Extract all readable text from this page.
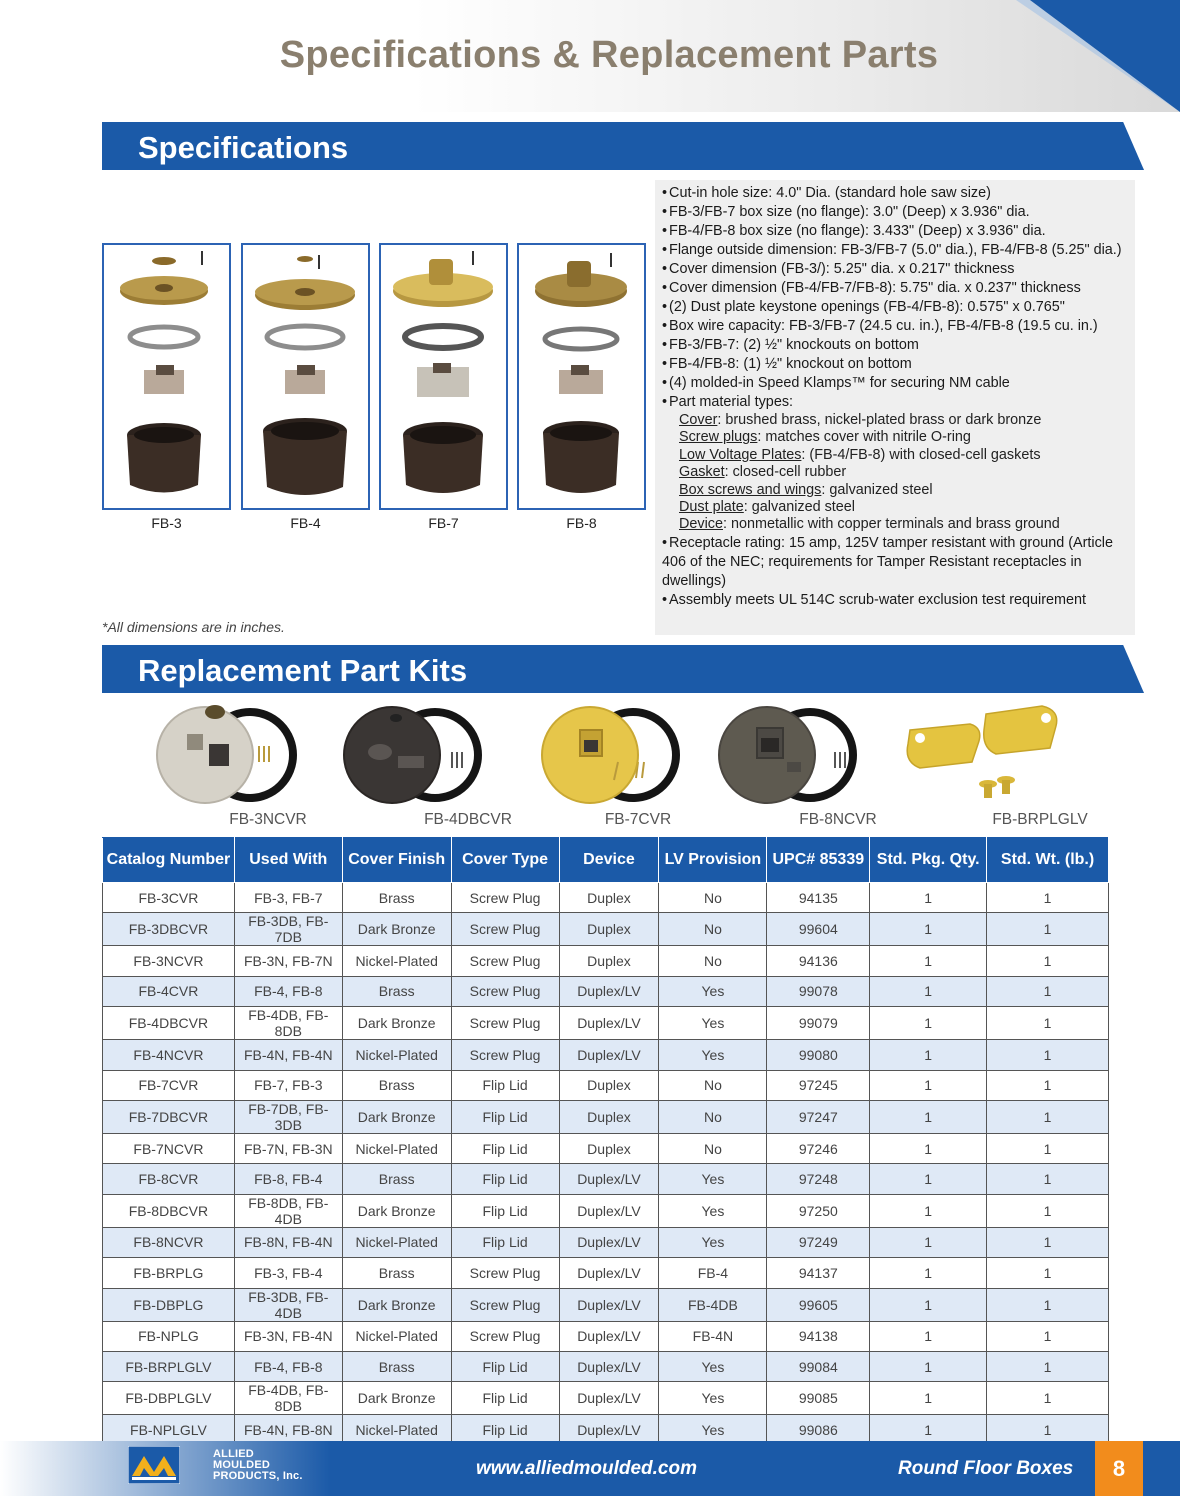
Specifications & Replacement Parts
Specifications
FB-3	FB-4	FB-7	FB-8
*All dimensions are in inches.
• Cut-in hole size: 4.0" Dia. (standard hole saw size)
• FB-3/FB-7 box size (no flange): 3.0" (Deep) x 3.936" dia.
• FB-4/FB-8 box size (no flange): 3.433" (Deep) x 3.936" dia.
• Flange outside dimension: FB-3/FB-7 (5.0" dia.), FB-4/FB-8 (5.25" dia.)
• Cover dimension (FB-3/): 5.25" dia. x 0.217" thickness
• Cover dimension (FB-4/FB-7/FB-8): 5.75" dia. x 0.237" thickness
• (2) Dust plate keystone openings (FB-4/FB-8): 0.575" x 0.765"
• Box wire capacity: FB-3/FB-7 (24.5 cu. in.), FB-4/FB-8 (19.5 cu. in.)
• FB-3/FB-7: (2) ½" knockouts on bottom
• FB-4/FB-8: (1) ½" knockout on bottom
• (4) molded-in Speed Klamps™ for securing NM cable
• Part material types:
Cover: brushed brass, nickel-plated brass or dark bronze
Screw plugs: matches cover with nitrile O-ring
Low Voltage Plates: (FB-4/FB-8) with closed-cell gaskets
Gasket: closed-cell rubber
Box screws and wings: galvanized steel
Dust plate: galvanized steel
Device: nonmetallic with copper terminals and brass ground
• Receptacle rating: 15 amp, 125V tamper resistant with ground (Article 406 of the NEC; requirements for Tamper Resistant receptacles in dwellings)
• Assembly meets UL 514C scrub-water exclusion test requirement
Replacement Part Kits
FB-3NCVR	FB-4DBCVR	FB-7CVR	FB-8NCVR	FB-BRPLGLV
Catalog Number	Used With	Cover Finish	Cover Type	Device	LV Provision	UPC# 85339	Std. Pkg. Qty.	Std. Wt. (lb.)
FB-3CVR	FB-3, FB-7	Brass	Screw Plug	Duplex	No	94135	1	1
FB-3DBCVR	FB-3DB, FB-7DB	Dark Bronze	Screw Plug	Duplex	No	99604	1	1
FB-3NCVR	FB-3N, FB-7N	Nickel-Plated	Screw Plug	Duplex	No	94136	1	1
FB-4CVR	FB-4, FB-8	Brass	Screw Plug	Duplex/LV	Yes	99078	1	1
FB-4DBCVR	FB-4DB, FB-8DB	Dark Bronze	Screw Plug	Duplex/LV	Yes	99079	1	1
FB-4NCVR	FB-4N, FB-4N	Nickel-Plated	Screw Plug	Duplex/LV	Yes	99080	1	1
FB-7CVR	FB-7, FB-3	Brass	Flip Lid	Duplex	No	97245	1	1
FB-7DBCVR	FB-7DB, FB-3DB	Dark Bronze	Flip Lid	Duplex	No	97247	1	1
FB-7NCVR	FB-7N, FB-3N	Nickel-Plated	Flip Lid	Duplex	No	97246	1	1
FB-8CVR	FB-8, FB-4	Brass	Flip Lid	Duplex/LV	Yes	97248	1	1
FB-8DBCVR	FB-8DB, FB-4DB	Dark Bronze	Flip Lid	Duplex/LV	Yes	97250	1	1
FB-8NCVR	FB-8N, FB-4N	Nickel-Plated	Flip Lid	Duplex/LV	Yes	97249	1	1
FB-BRPLG	FB-3, FB-4	Brass	Screw Plug	Duplex/LV	FB-4	94137	1	1
FB-DBPLG	FB-3DB, FB-4DB	Dark Bronze	Screw Plug	Duplex/LV	FB-4DB	99605	1	1
FB-NPLG	FB-3N, FB-4N	Nickel-Plated	Screw Plug	Duplex/LV	FB-4N	94138	1	1
FB-BRPLGLV	FB-4, FB-8	Brass	Flip Lid	Duplex/LV	Yes	99084	1	1
FB-DBPLGLV	FB-4DB, FB-8DB	Dark Bronze	Flip Lid	Duplex/LV	Yes	99085	1	1
FB-NPLGLV	FB-4N, FB-8N	Nickel-Plated	Flip Lid	Duplex/LV	Yes	99086	1	1
ALLIED
MOULDED
PRODUCTS, Inc.	www.alliedmoulded.com	Round Floor Boxes	8
